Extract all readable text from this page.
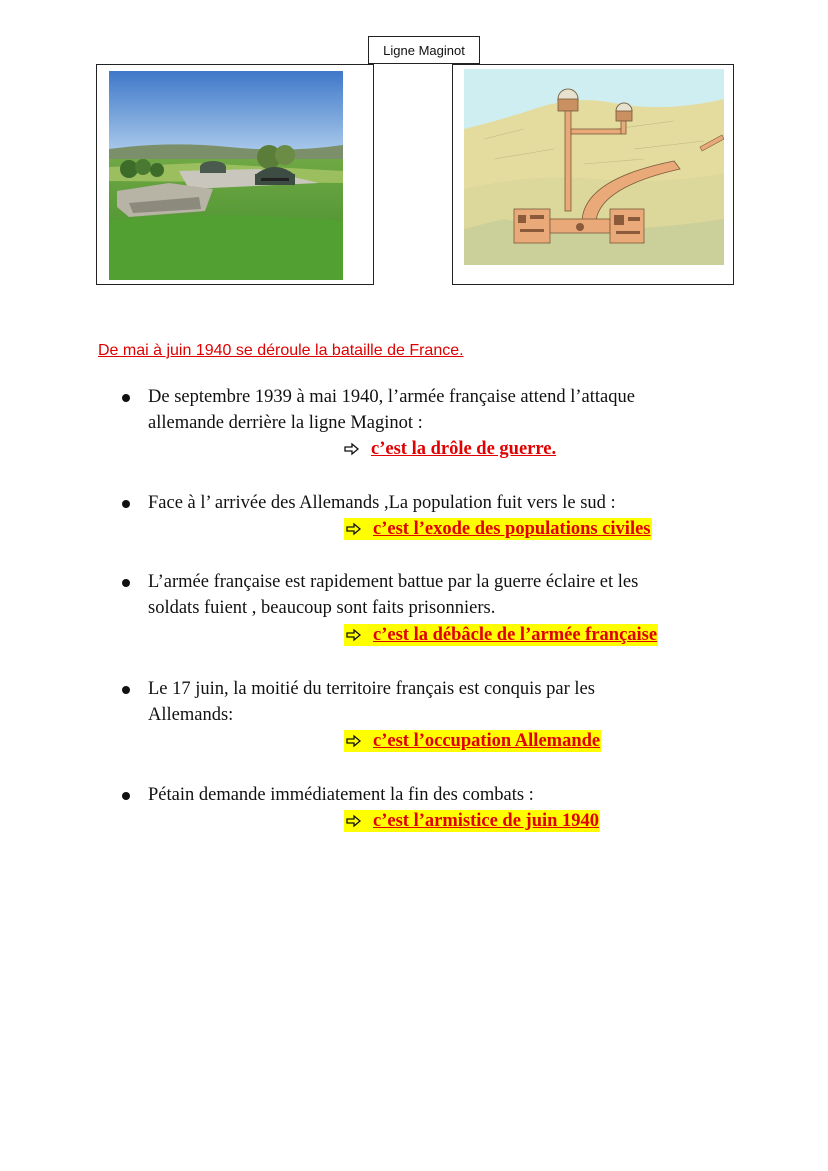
Ligne Maginot
De mai à juin 1940 se déroule la bataille de France.
De septembre 1939 à mai 1940, l’armée française attend l’attaque
allemande derrière la ligne Maginot :
c’est la drôle de guerre.
Face à l’ arrivée des Allemands ,La population fuit vers le sud :
c’est l’exode des populations civiles
L’armée française est rapidement battue par la guerre éclaire et les
soldats fuient , beaucoup sont faits prisonniers.
c’est la débâcle de l’armée française
Le 17 juin, la moitié du territoire français est conquis par les
Allemands:
c’est l’occupation Allemande
Pétain demande immédiatement la fin des combats :
c’est l’armistice de juin 1940
